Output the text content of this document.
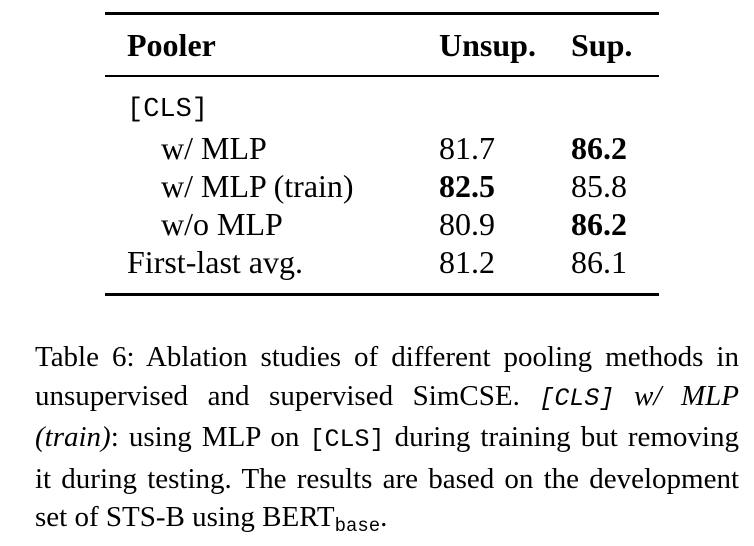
Pooler	Unsup. Sup.
[CLS]
w/ MLP	81.7 86.2
w/ MLP (train)	82.5 85.8
w/o MLP	80.9 86.2
First-last avg.	81.2 86.1
Table 6: Ablation studies of different pooling methods in unsupervised and supervised SimCSE. [CLS] w/ MLP (train): using MLP on [CLS] during training but removing it during testing. The results are based on the development set of STS-B using $BERT_{base}$.
